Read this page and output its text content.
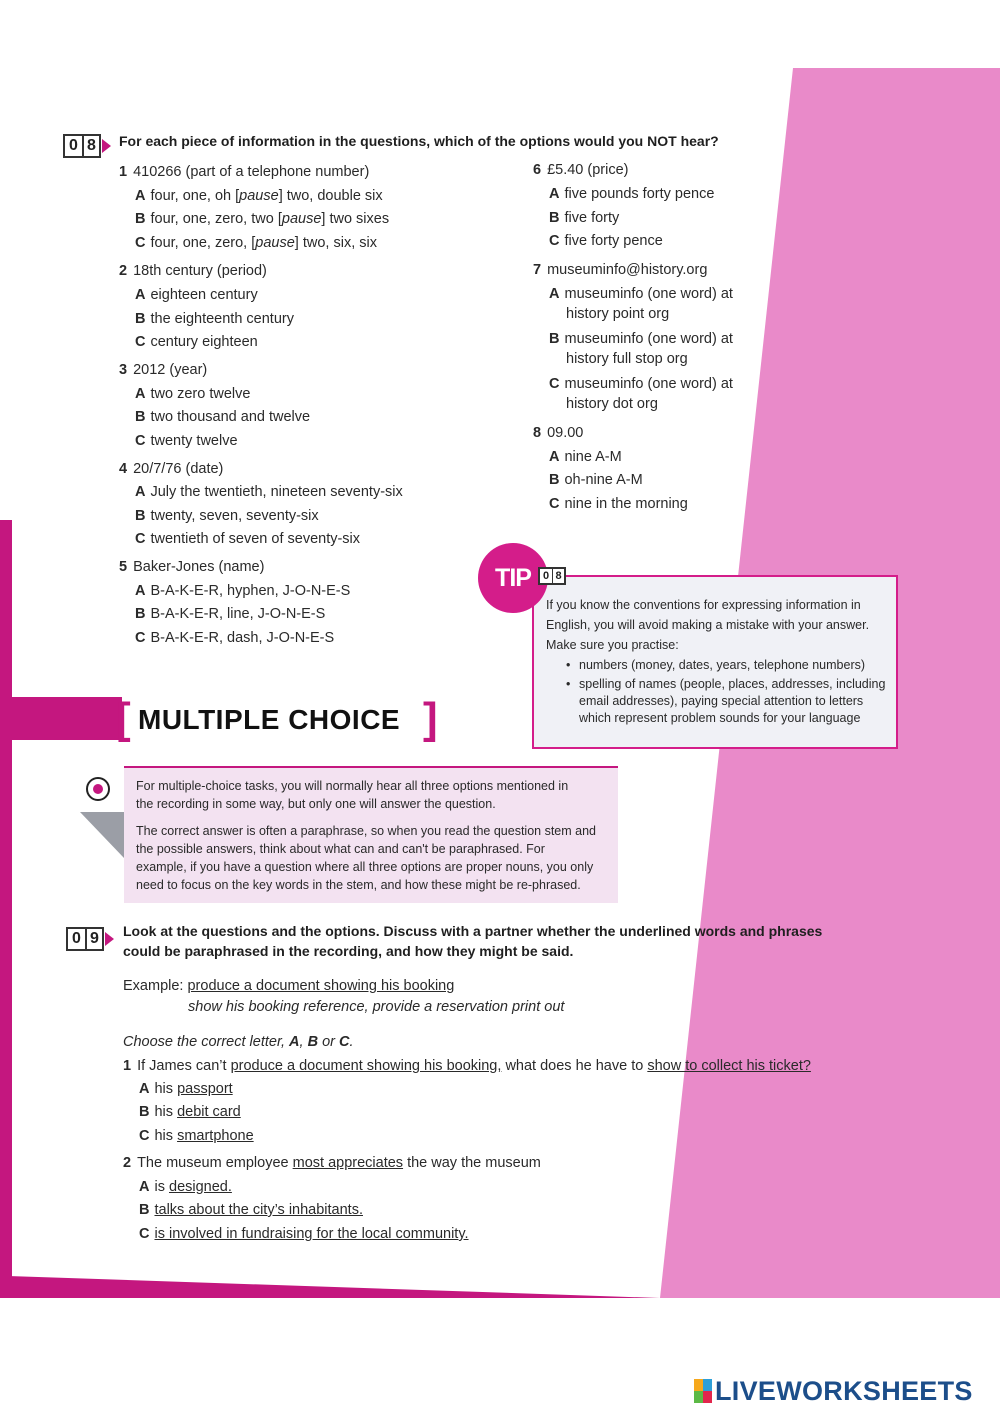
0 8 For each piece of information in the questions, which of the options would you NOT hear?
1 410266 (part of a telephone number)
A four, one, oh [pause] two, double six
B four, one, zero, two [pause] two sixes
C four, one, zero, [pause] two, six, six
2 18th century (period)
A eighteen century
B the eighteenth century
C century eighteen
3 2012 (year)
A two zero twelve
B two thousand and twelve
C twenty twelve
4 20/7/76 (date)
A July the twentieth, nineteen seventy-six
B twenty, seven, seventy-six
C twentieth of seven of seventy-six
5 Baker-Jones (name)
A B-A-K-E-R, hyphen, J-O-N-E-S
B B-A-K-E-R, line, J-O-N-E-S
C B-A-K-E-R, dash, J-O-N-E-S
6 £5.40 (price)
A five pounds forty pence
B five forty
C five forty pence
7 museuminfo@history.org
A museuminfo (one word) at
history point org
B museuminfo (one word) at
history full stop org
C museuminfo (one word) at
history dot org
8 09.00
A nine A-M
B oh-nine A-M
C nine in the morning
TIP	0 8
If you know the conventions for expressing information in
English, you will avoid making a mistake with your answer.
Make sure you practise:
• numbers (money, dates, years, telephone numbers)
• spelling of names (people, places, addresses, including
email addresses), paying special attention to letters
which represent problem sounds for your language
[ MULTIPLE CHOICE ]
For multiple-choice tasks, you will normally hear all three options mentioned in
the recording in some way, but only one will answer the question.
The correct answer is often a paraphrase, so when you read the question stem and
the possible answers, think about what can and can't be paraphrased. For
example, if you have a question where all three options are proper nouns, you only
need to focus on the key words in the stem, and how these might be re-phrased.
0 9 Look at the questions and the options. Discuss with a partner whether the underlined words and phrases
could be paraphrased in the recording, and how they might be said.
Example: produce a document showing his booking
show his booking reference, provide a reservation print out
Choose the correct letter, A, B or C.
1 If James can’t produce a document showing his booking, what does he have to show to collect his ticket?
A his passport
B his debit card
C his smartphone
2 The museum employee most appreciates the way the museum
A is designed.
B talks about the city’s inhabitants.
C is involved in fundraising for the local community.
LIVEWORKSHEETS
